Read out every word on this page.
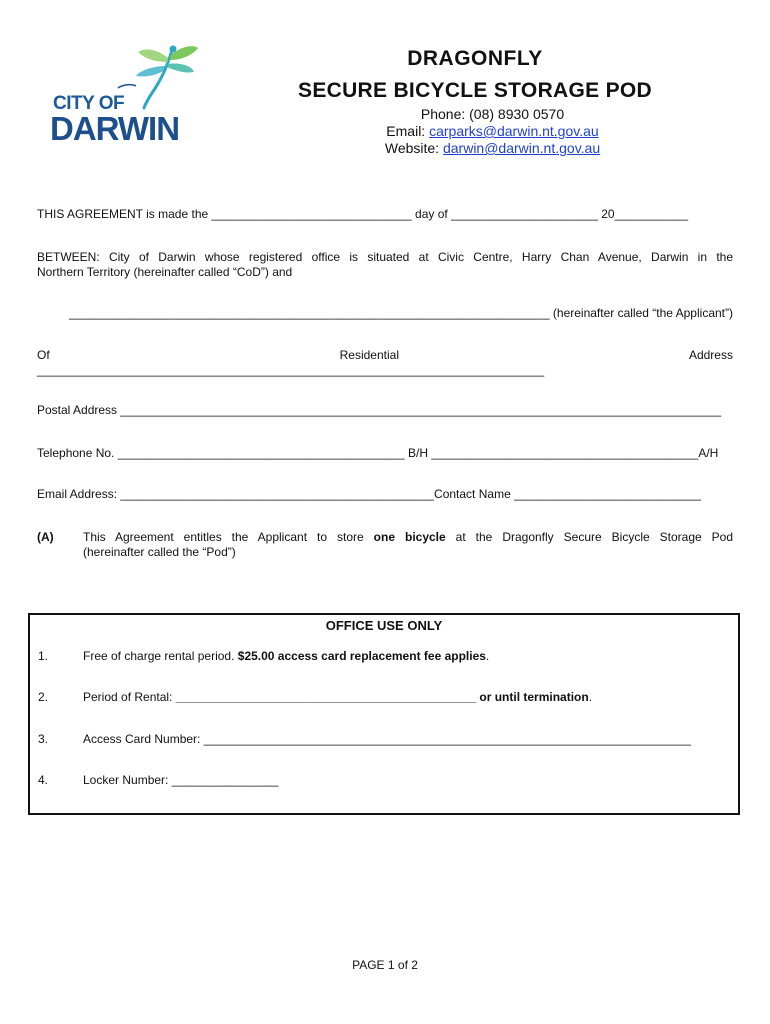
CITY OF
DARWIN
DRAGONFLY
SECURE BICYCLE STORAGE POD
Phone: (08) 8930 0570
Email: carparks@darwin.nt.gov.au
Website: darwin@darwin.nt.gov.au
THIS AGREEMENT is made the ______________________________ day of ______________________ 20___________
BETWEEN: City of Darwin whose registered office is situated at Civic Centre, Harry Chan Avenue, Darwin in the
Northern Territory (hereinafter called “CoD”) and
________________________________________________________________________ (hereinafter called “the Applicant”)
Of	Residential	Address
____________________________________________________________________________
Postal Address __________________________________________________________________________________________
Telephone No. ___________________________________________ B/H ________________________________________A/H
Email Address: _______________________________________________Contact Name ____________________________
(A) This Agreement entitles the Applicant to store one bicycle at the Dragonfly Secure Bicycle Storage Pod
(hereinafter called the “Pod”)
OFFICE USE ONLY
1.	Free of charge rental period. $25.00 access card replacement fee applies.
2.	Period of Rental: _____________________________________________ or until termination.
3.	Access Card Number: _________________________________________________________________________
4.	Locker Number: ________________
PAGE 1 of 2
